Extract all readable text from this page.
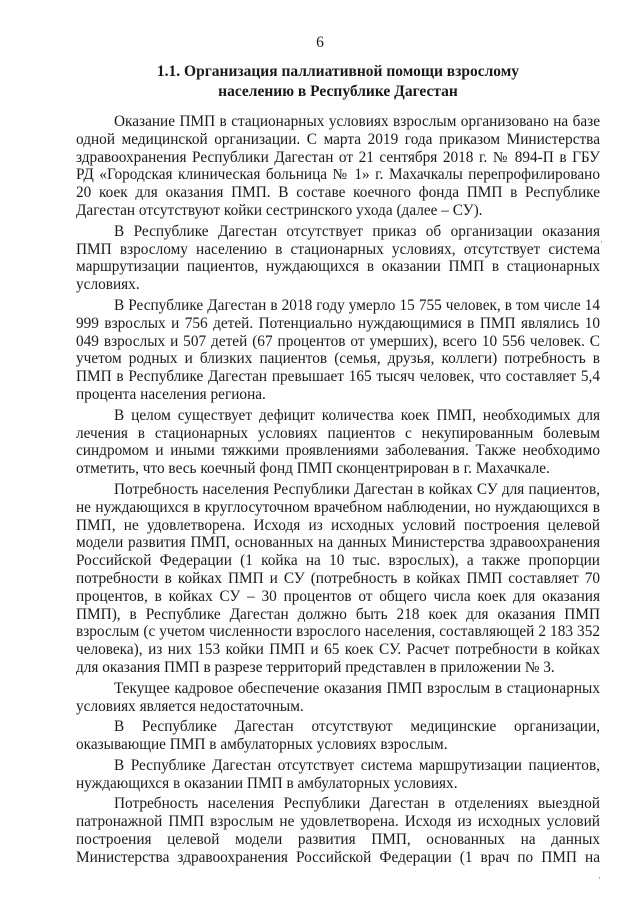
6
1.1. Организация паллиативной помощи взрослому
населению в Республике Дагестан

Оказание ПМП в стационарных условиях взрослым организовано на базе одной медицинской организации. С марта 2019 года приказом Министерства здравоохранения Республики Дагестан от 21 сентября 2018 г. № 894-П в ГБУ РД «Городская клиническая больница № 1» г. Махачкалы перепрофилировано 20 коек для оказания ПМП. В составе коечного фонда ПМП в Республике Дагестан отсутствуют койки сестринского ухода (далее – СУ).

В Республике Дагестан отсутствует приказ об организации оказания ПМП взрослому населению в стационарных условиях, отсутствует система маршрутизации пациентов, нуждающихся в оказании ПМП в стационарных условиях.

В Республике Дагестан в 2018 году умерло 15 755 человек, в том числе 14 999 взрослых и 756 детей. Потенциально нуждающимися в ПМП являлись 10 049 взрослых и 507 детей (67 процентов от умерших), всего 10 556 человек. С учетом родных и близких пациентов (семья, друзья, коллеги) потребность в ПМП в Республике Дагестан превышает 165 тысяч человек, что составляет 5,4 процента населения региона.

В целом существует дефицит количества коек ПМП, необходимых для лечения в стационарных условиях пациентов с некупированным болевым синдромом и иными тяжкими проявлениями заболевания. Также необходимо отметить, что весь коечный фонд ПМП сконцентрирован в г. Махачкале.

Потребность населения Республики Дагестан в койках СУ для пациентов, не нуждающихся в круглосуточном врачебном наблюдении, но нуждающихся в ПМП, не удовлетворена. Исходя из исходных условий построения целевой модели развития ПМП, основанных на данных Министерства здравоохранения Российской Федерации (1 койка на 10 тыс. взрослых), а также пропорции потребности в койках ПМП и СУ (потребность в койках ПМП составляет 70 процентов, в койках СУ – 30 процентов от общего числа коек для оказания ПМП), в Республике Дагестан должно быть 218 коек для оказания ПМП взрослым (с учетом численности взрослого населения, составляющей 2 183 352 человека), из них 153 койки ПМП и 65 коек СУ. Расчет потребности в койках для оказания ПМП в разрезе территорий представлен в приложении № 3.

Текущее кадровое обеспечение оказания ПМП взрослым в стационарных условиях является недостаточным.

В Республике Дагестан отсутствуют медицинские организации, оказывающие ПМП в амбулаторных условиях взрослым.

В Республике Дагестан отсутствует система маршрутизации пациентов, нуждающихся в оказании ПМП в амбулаторных условиях.

Потребность населения Республики Дагестан в отделениях выездной патронажной ПМП взрослым не удовлетворена. Исходя из исходных условий построения целевой модели развития ПМП, основанных на данных Министерства здравоохранения Российской Федерации (1 врач по ПМП на

·
·
